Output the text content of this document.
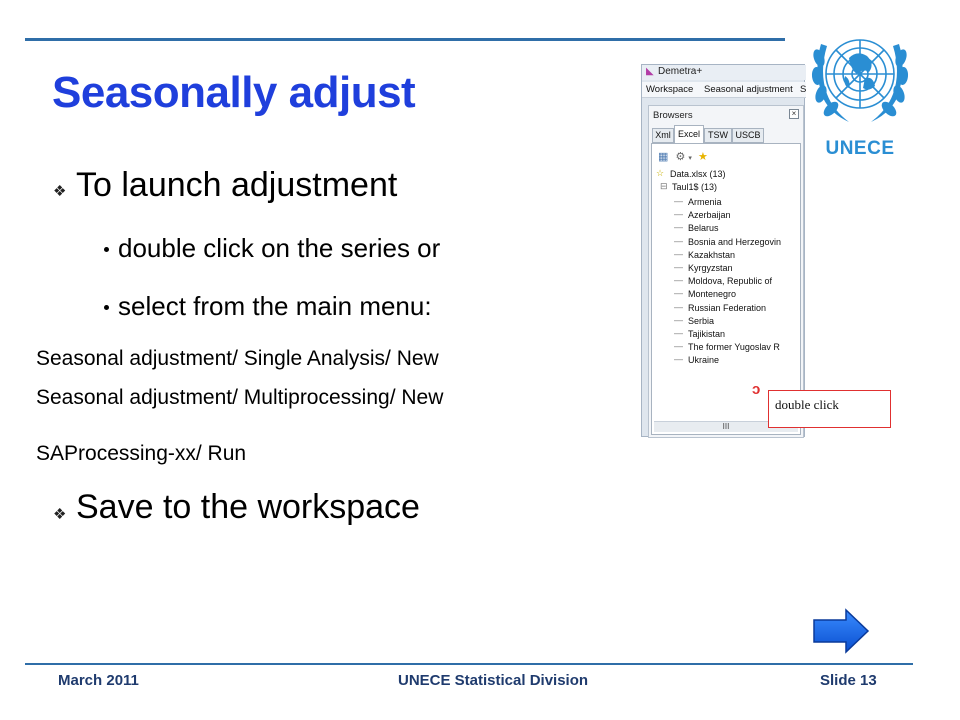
Seasonally adjust
UNECE
❖ To launch adjustment
double click on the series or
select from the main menu:
Seasonal adjustment/ Single Analysis/ New
Seasonal adjustment/ Multiprocessing/ New
SAProcessing-xx/ Run
❖ Save to the workspace
◣ Demetra+
Workspace Seasonal adjustment S
Browsers	×
Xml Excel TSW USCB
▦ ⚙ ▾ ★
☆ Data.xlsx (13)
⊟ Taul1$ (13)
— Armenia
— Azerbaijan
— Belarus
— Bosnia and Herzegovin
— Kazakhstan
— Kyrgyzstan
— Moldova, Republic of
— Montenegro
— Russian Federation
— Serbia
— Tajikistan
— The former Yugoslav R
— Ukraine
III
ↄ
double click
March 2011	UNECE Statistical Division	Slide 13
